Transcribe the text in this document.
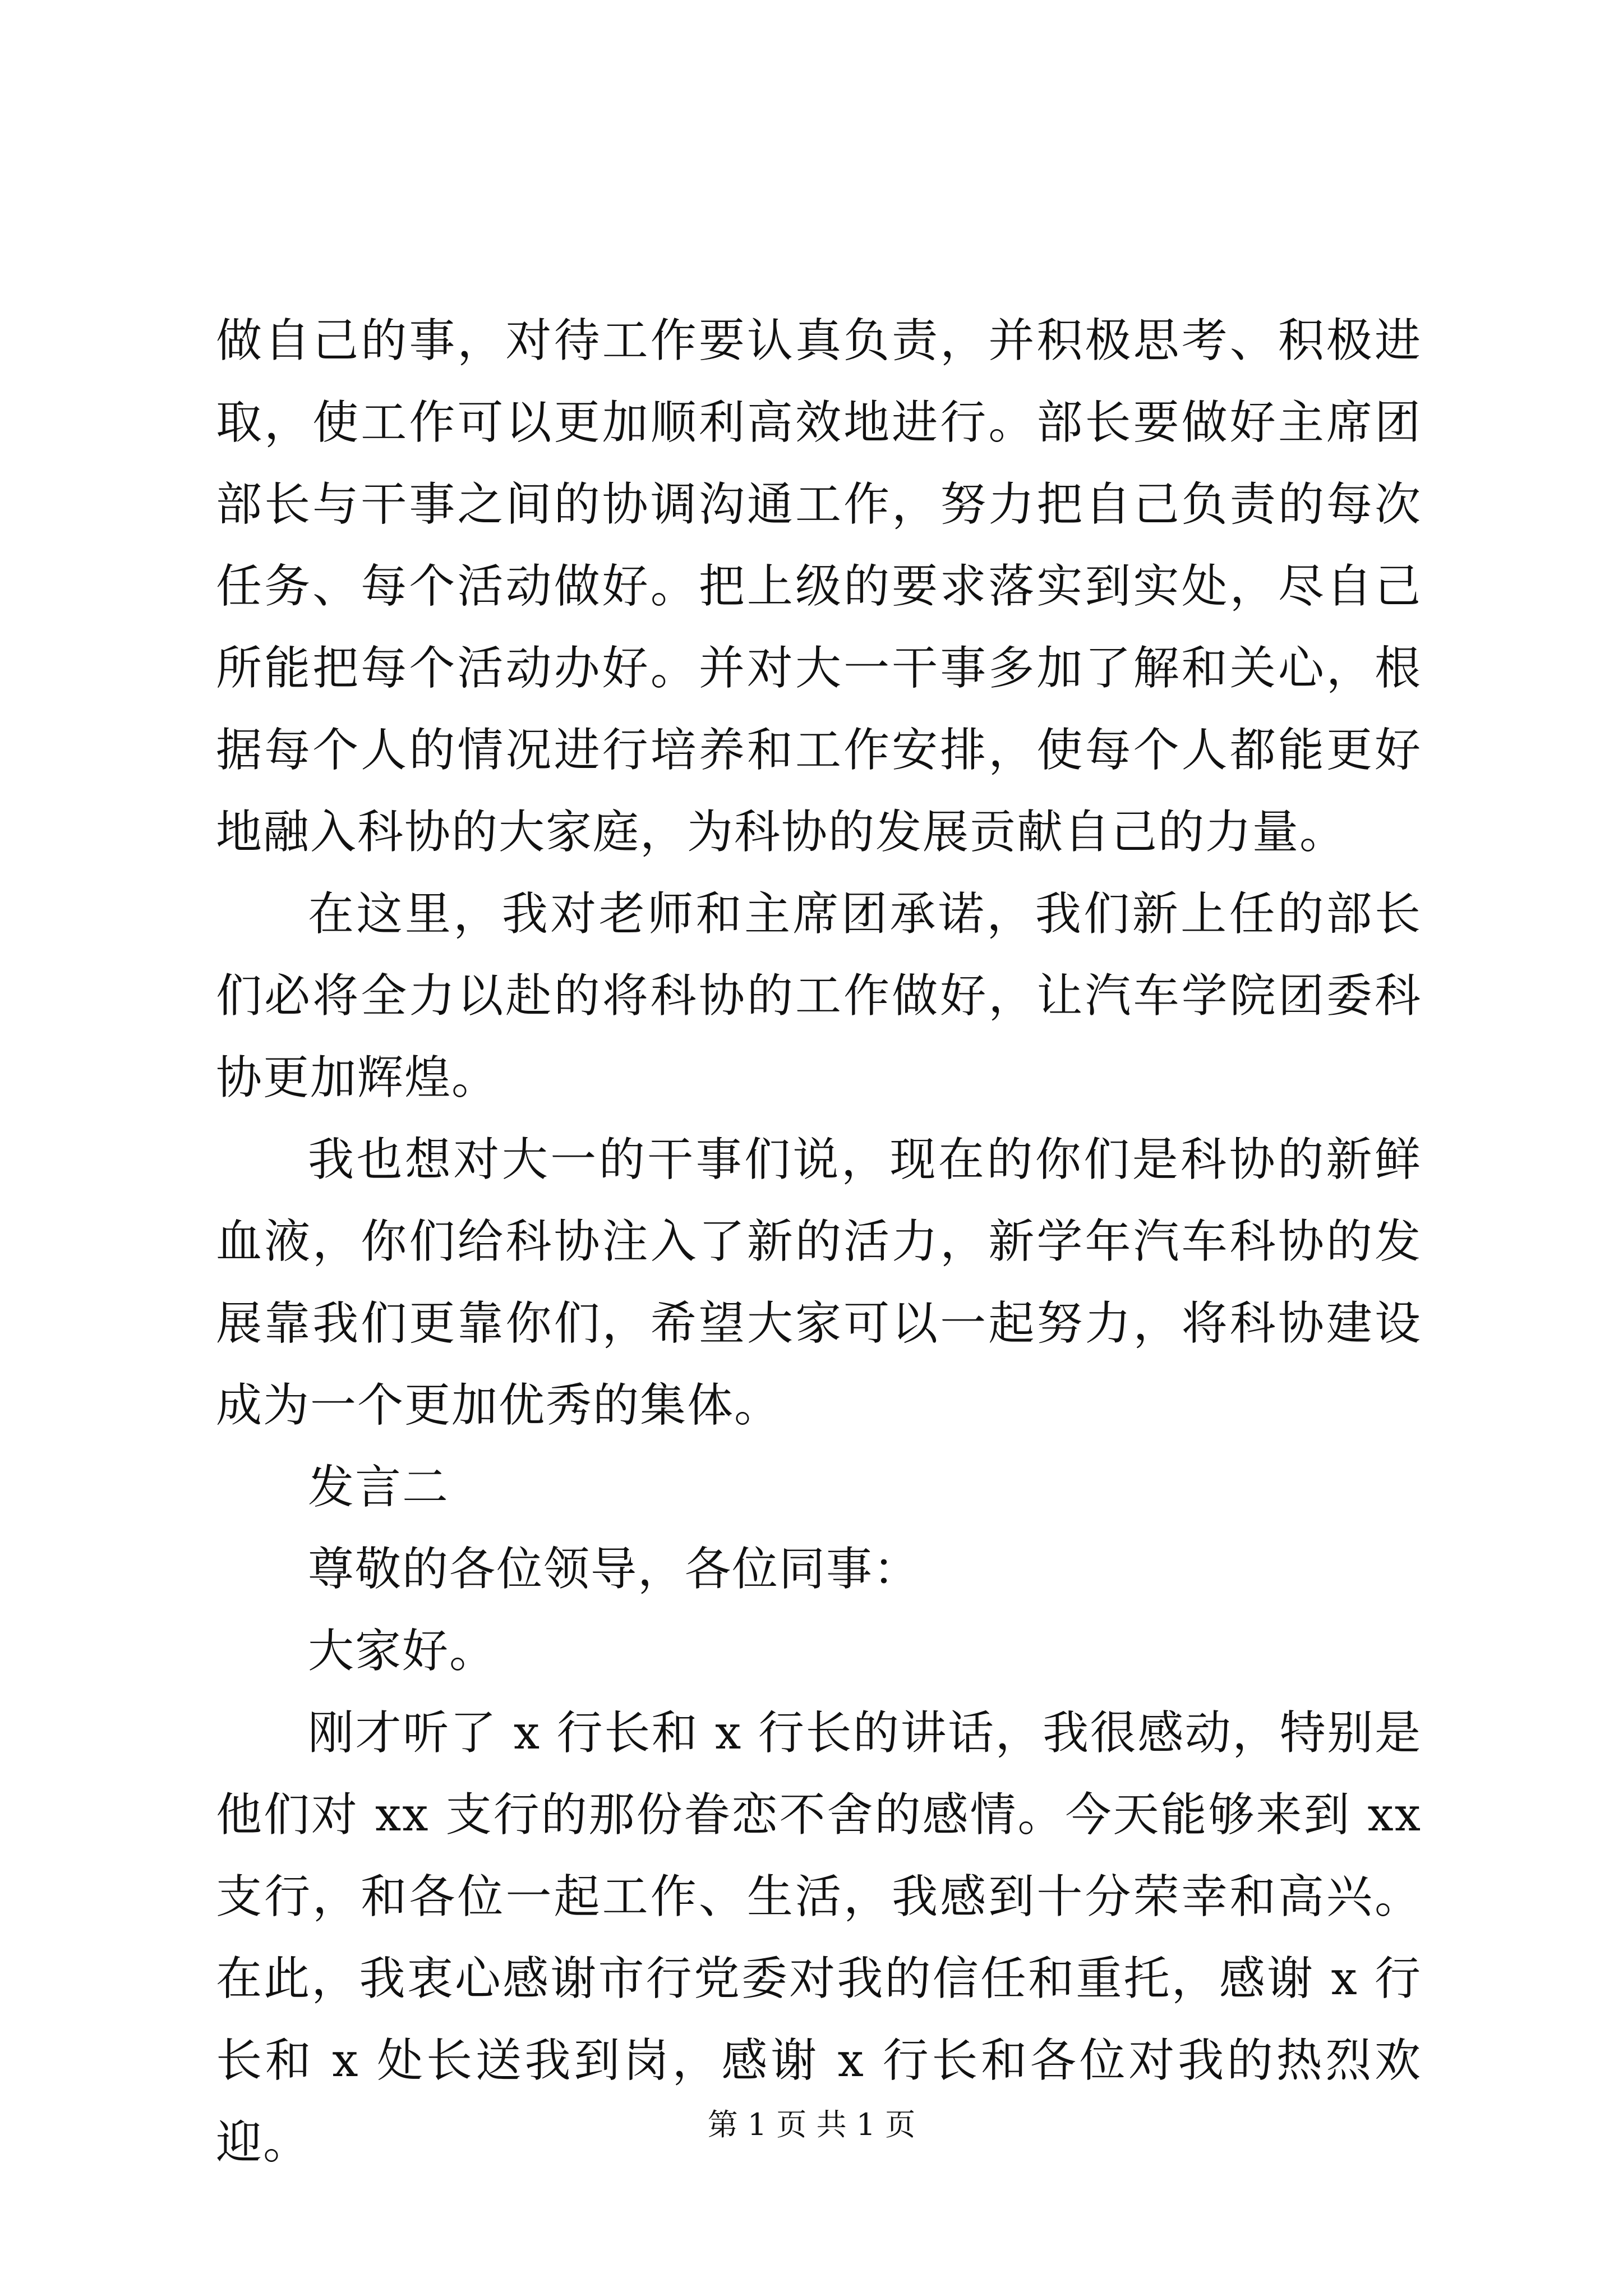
做自己的事，对待工作要认真负责，并积极思考、积极进取，使工作可以更加顺利高效地进行。部长要做好主席团部长与干事之间的协调沟通工作，努力把自己负责的每次任务、每个活动做好。把上级的要求落实到实处，尽自己所能把每个活动办好。并对大一干事多加了解和关心，根据每个人的情况进行培养和工作安排，使每个人都能更好地融入科协的大家庭，为科协的发展贡献自己的力量。

在这里，我对老师和主席团承诺，我们新上任的部长们必将全力以赴的将科协的工作做好，让汽车学院团委科协更加辉煌。

我也想对大一的干事们说，现在的你们是科协的新鲜血液，你们给科协注入了新的活力，新学年汽车科协的发展靠我们更靠你们，希望大家可以一起努力，将科协建设成为一个更加优秀的集体。

发言二

尊敬的各位领导，各位同事：

大家好。

刚才听了 x 行长和 x 行长的讲话，我很感动，特别是他们对 xx 支行的那份眷恋不舍的感情。今天能够来到 xx 支行，和各位一起工作、生活，我感到十分荣幸和高兴。在此，我衷心感谢市行党委对我的信任和重托，感谢 x 行长和 x 处长送我到岗，感谢 x 行长和各位对我的热烈欢迎。	第 1 页 共 1 页
